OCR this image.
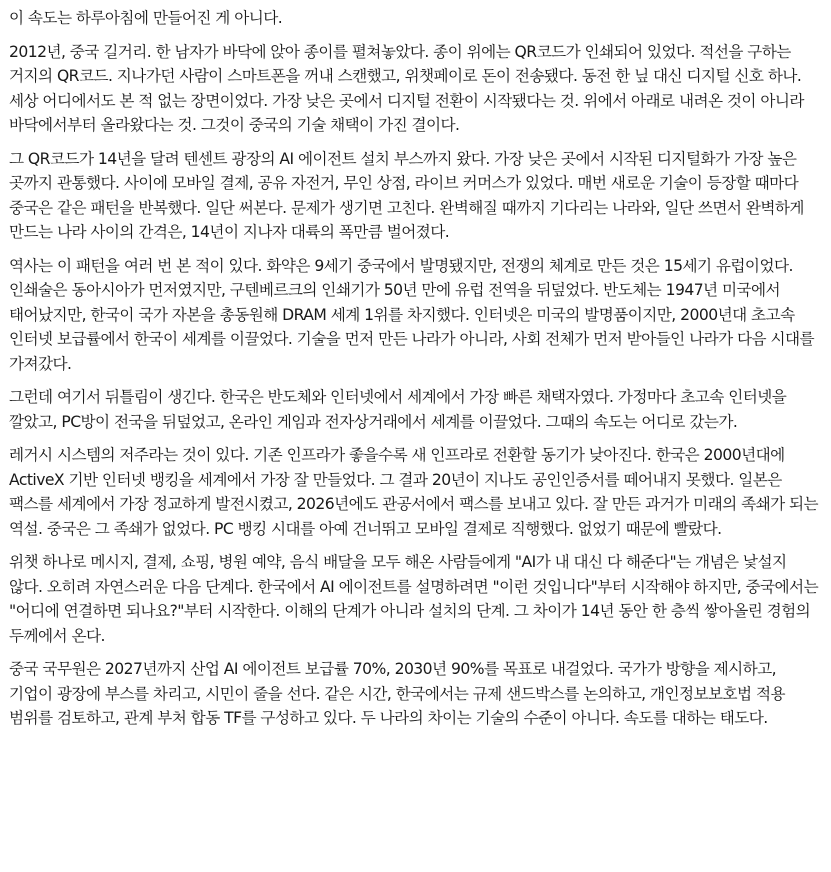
이 속도는 하루아침에 만들어진 게 아니다.

2012년, 중국 길거리. 한 남자가 바닥에 앉아 종이를 펼쳐놓았다. 종이 위에는 QR코드가 인쇄되어 있었다. 적선을 구하는 거지의 QR코드. 지나가던 사람이 스마트폰을 꺼내 스캔했고, 위챗페이로 돈이 전송됐다. 동전 한 닢 대신 디지털 신호 하나. 세상 어디에서도 본 적 없는 장면이었다. 가장 낮은 곳에서 디지털 전환이 시작됐다는 것. 위에서 아래로 내려온 것이 아니라 바닥에서부터 올라왔다는 것. 그것이 중국의 기술 채택이 가진 결이다.

그 QR코드가 14년을 달려 텐센트 광장의 AI 에이전트 설치 부스까지 왔다. 가장 낮은 곳에서 시작된 디지털화가 가장 높은 곳까지 관통했다. 사이에 모바일 결제, 공유 자전거, 무인 상점, 라이브 커머스가 있었다. 매번 새로운 기술이 등장할 때마다 중국은 같은 패턴을 반복했다. 일단 써본다. 문제가 생기면 고친다. 완벽해질 때까지 기다리는 나라와, 일단 쓰면서 완벽하게 만드는 나라 사이의 간격은, 14년이 지나자 대륙의 폭만큼 벌어졌다.

역사는 이 패턴을 여러 번 본 적이 있다. 화약은 9세기 중국에서 발명됐지만, 전쟁의 체계로 만든 것은 15세기 유럽이었다. 인쇄술은 동아시아가 먼저였지만, 구텐베르크의 인쇄기가 50년 만에 유럽 전역을 뒤덮었다. 반도체는 1947년 미국에서 태어났지만, 한국이 국가 자본을 총동원해 DRAM 세계 1위를 차지했다. 인터넷은 미국의 발명품이지만, 2000년대 초고속 인터넷 보급률에서 한국이 세계를 이끌었다. 기술을 먼저 만든 나라가 아니라, 사회 전체가 먼저 받아들인 나라가 다음 시대를 가져갔다.

그런데 여기서 뒤틀림이 생긴다. 한국은 반도체와 인터넷에서 세계에서 가장 빠른 채택자였다. 가정마다 초고속 인터넷을 깔았고, PC방이 전국을 뒤덮었고, 온라인 게임과 전자상거래에서 세계를 이끌었다. 그때의 속도는 어디로 갔는가.

레거시 시스템의 저주라는 것이 있다. 기존 인프라가 좋을수록 새 인프라로 전환할 동기가 낮아진다. 한국은 2000년대에 ActiveX 기반 인터넷 뱅킹을 세계에서 가장 잘 만들었다. 그 결과 20년이 지나도 공인인증서를 떼어내지 못했다. 일본은 팩스를 세계에서 가장 정교하게 발전시켰고, 2026년에도 관공서에서 팩스를 보내고 있다. 잘 만든 과거가 미래의 족쇄가 되는 역설. 중국은 그 족쇄가 없었다. PC 뱅킹 시대를 아예 건너뛰고 모바일 결제로 직행했다. 없었기 때문에 빨랐다.

위챗 하나로 메시지, 결제, 쇼핑, 병원 예약, 음식 배달을 모두 해온 사람들에게 "AI가 내 대신 다 해준다"는 개념은 낯설지 않다. 오히려 자연스러운 다음 단계다. 한국에서 AI 에이전트를 설명하려면 "이런 것입니다"부터 시작해야 하지만, 중국에서는 "어디에 연결하면 되나요?"부터 시작한다. 이해의 단계가 아니라 설치의 단계. 그 차이가 14년 동안 한 층씩 쌓아올린 경험의 두께에서 온다.

중국 국무원은 2027년까지 산업 AI 에이전트 보급률 70%, 2030년 90%를 목표로 내걸었다. 국가가 방향을 제시하고, 기업이 광장에 부스를 차리고, 시민이 줄을 선다. 같은 시간, 한국에서는 규제 샌드박스를 논의하고, 개인정보보호법 적용 범위를 검토하고, 관계 부처 합동 TF를 구성하고 있다. 두 나라의 차이는 기술의 수준이 아니다. 속도를 대하는 태도다.
